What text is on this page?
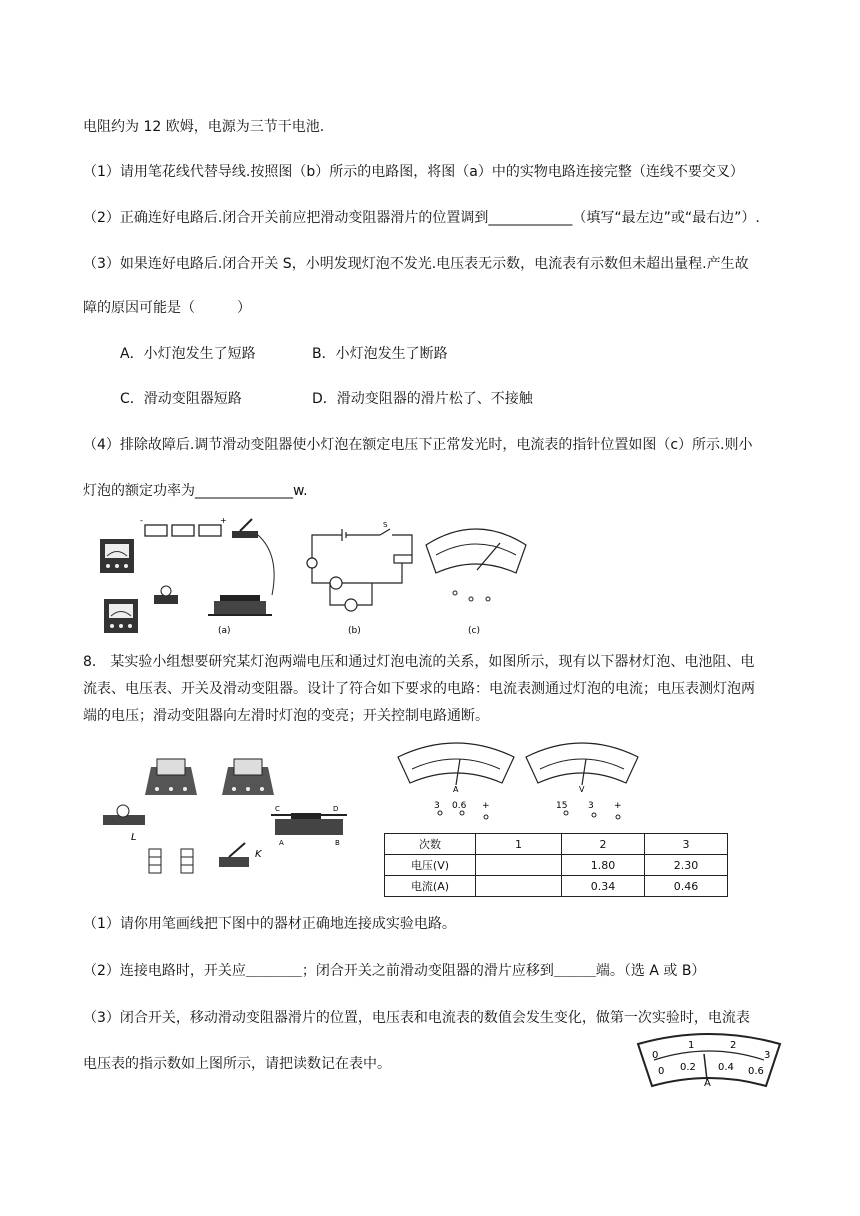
电阻约为 12 欧姆，电源为三节干电池.
（1）请用笔花线代替导线.按照图（b）所示的电路图，将图（a）中的实物电路连接完整（连线不要交叉）
（2）正确连好电路后.闭合开关前应把滑动变阻器滑片的位置调到____________（填写“最左边”或“最右边”）.
（3）如果连好电路后.闭合开关 S，小明发现灯泡不发光.电压表无示数，电流表有示数但未超出量程.产生故
障的原因可能是（　　　）
A．小灯泡发生了短路	B．小灯泡发生了断路
C．滑动变阻器短路	D．滑动变阻器的滑片松了、不接触
（4）排除故障后.调节滑动变阻器使小灯泡在额定电压下正常发光时，电流表的指针位置如图（c）所示.则小
灯泡的额定功率为______________w.
-	+
(a)
S
(b)	(c)
8． 某实验小组想要研究某灯泡两端电压和通过灯泡电流的关系，如图所示，现有以下器材灯泡、电池阻、电
流表、电压表、开关及滑动变阻器。设计了符合如下要求的电路：电流表测通过灯泡的电流；电压表测灯泡两
端的电压；滑动变阻器向左滑时灯泡的变亮；开关控制电路通断。
L
C	D
A	B
K
A
3 0.6 +
V
15 3 +
次数	1	2	3
电压(V)		1.80	2.30
电流(A)		0.34	0.46
（1）请你用笔画线把下图中的器材正确地连接成实验电路。
（2）连接电路时，开关应＿＿＿＿；闭合开关之前滑动变阻器的滑片应移到＿＿＿端。（选 A 或 B）
（3）闭合开关，移动滑动变阻器滑片的位置，电压表和电流表的数值会发生变化，做第一次实验时，电流表
电压表的指示数如上图所示，请把读数记在表中。
0
1	2
3
0 0.2 0.4 0.6
A
